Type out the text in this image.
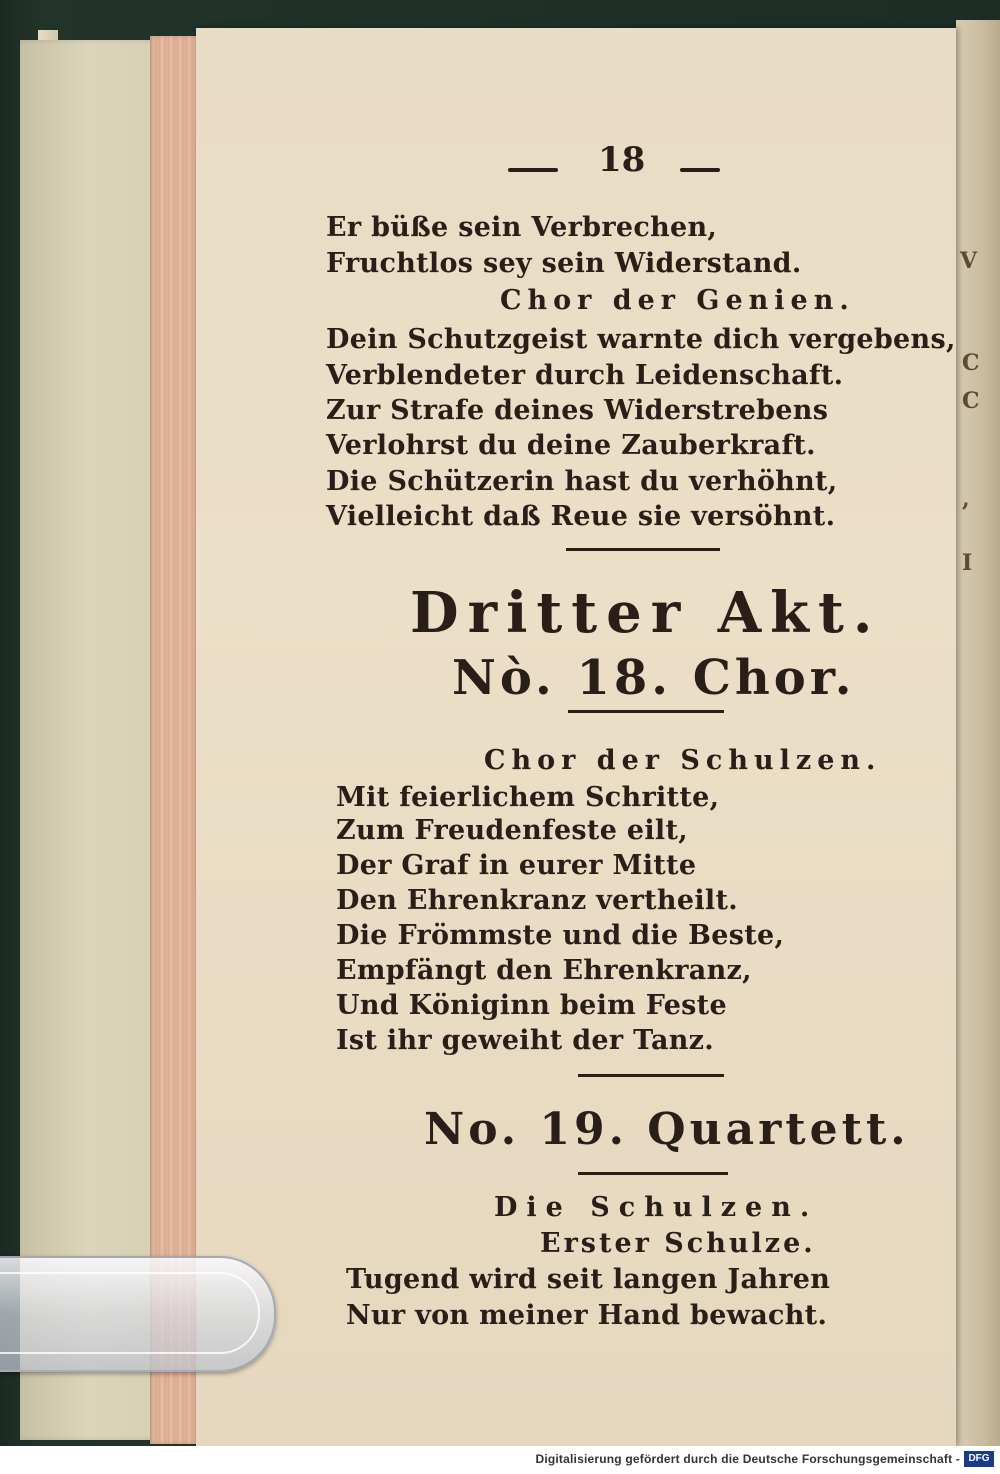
V
C
C
,
I
18
Er büße sein Verbrechen,
Fruchtlos sey sein Widerstand.
Chor der Genien.
Dein Schutzgeist warnte dich vergebens,
Verblendeter durch Leidenschaft.
Zur Strafe deines Widerstrebens
Verlohrst du deine Zauberkraft.
Die Schützerin hast du verhöhnt,
Vielleicht daß Reue sie versöhnt.
Dritter Akt.
Nò. 18. Chor.
Chor der Schulzen.
Mit feierlichem Schritte,
Zum Freudenfeste eilt,
Der Graf in eurer Mitte
Den Ehrenkranz vertheilt.
Die Frömmste und die Beste,
Empfängt den Ehrenkranz,
Und Königinn beim Feste
Ist ihr geweiht der Tanz.
No. 19. Quartett.
Die Schulzen.
Erster Schulze.
Tugend wird seit langen Jahren
Nur von meiner Hand bewacht.
Digitalisierung gefördert durch die Deutsche Forschungsgemeinschaft - DFG
